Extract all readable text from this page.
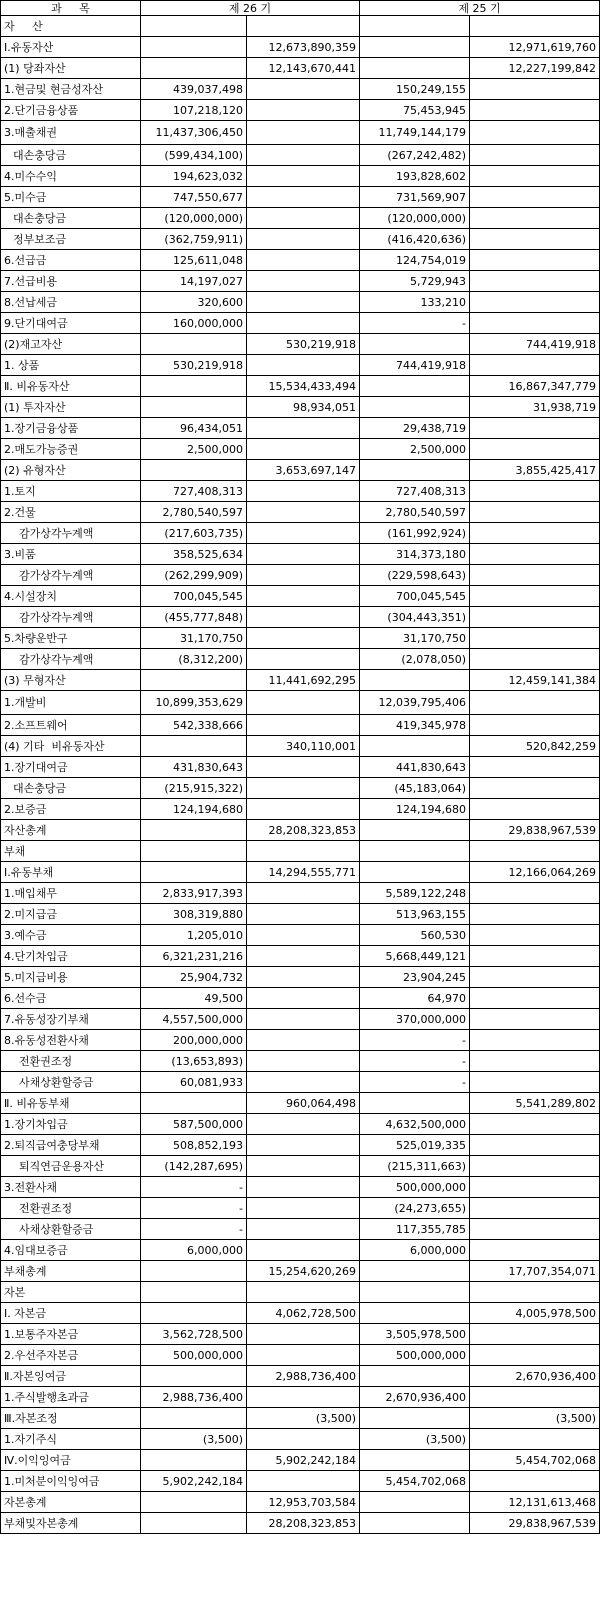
과     목	제 26 기		제 25 기	
자     산				
Ⅰ.유동자산		12,673,890,359		12,971,619,760
(1) 당좌자산		12,143,670,441		12,227,199,842
1.현금및 현금성자산	439,037,498		150,249,155	
2.단기금융상품	107,218,120		75,453,945	
3.매출채권	11,437,306,450		11,749,144,179	
대손충당금	(599,434,100)		(267,242,482)	
4.미수수익	194,623,032		193,828,602	
5.미수금	747,550,677		731,569,907	
대손충당금	(120,000,000)		(120,000,000)	
정부보조금	(362,759,911)		(416,420,636)	
6.선급금	125,611,048		124,754,019	
7.선급비용	14,197,027		5,729,943	
8.선납세금	320,600		133,210	
9.단기대여금	160,000,000		-	
(2)재고자산		530,219,918		744,419,918
1. 상품	530,219,918		744,419,918	
Ⅱ. 비유동자산		15,534,433,494		16,867,347,779
(1) 투자자산		98,934,051		31,938,719
1.장기금융상품	96,434,051		29,438,719	
2.매도가능증권	2,500,000		2,500,000	
(2) 유형자산		3,653,697,147		3,855,425,417
1.토지	727,408,313		727,408,313	
2.건물	2,780,540,597		2,780,540,597	
감가상각누계액	(217,603,735)		(161,992,924)	
3.비품	358,525,634		314,373,180	
감가상각누계액	(262,299,909)		(229,598,643)	
4.시설장치	700,045,545		700,045,545	
감가상각누계액	(455,777,848)		(304,443,351)	
5.차량운반구	31,170,750		31,170,750	
감가상각누계액	(8,312,200)		(2,078,050)	
(3) 무형자산		11,441,692,295		12,459,141,384
1.개발비	10,899,353,629		12,039,795,406	
2.소프트웨어	542,338,666		419,345,978	
(4) 기타  비유동자산		340,110,001		520,842,259
1.장기대여금	431,830,643		441,830,643	
대손충당금	(215,915,322)		(45,183,064)	
2.보증금	124,194,680		124,194,680	
자산총계		28,208,323,853		29,838,967,539
부채				
Ⅰ.유동부채		14,294,555,771		12,166,064,269
1.매입채무	2,833,917,393		5,589,122,248	
2.미지급금	308,319,880		513,963,155	
3.예수금	1,205,010		560,530	
4.단기차입금	6,321,231,216		5,668,449,121	
5.미지급비용	25,904,732		23,904,245	
6.선수금	49,500		64,970	
7.유동성장기부채	4,557,500,000		370,000,000	
8.유동성전환사채	200,000,000		-	
전환권조정	(13,653,893)		-	
사채상환할증금	60,081,933		-	
Ⅱ. 비유동부채		960,064,498		5,541,289,802
1.장기차입금	587,500,000		4,632,500,000	
2.퇴직급여충당부채	508,852,193		525,019,335	
퇴직연금운용자산	(142,287,695)		(215,311,663)	
3.전환사채	-		500,000,000	
전환권조정	-		(24,273,655)	
사채상환할증금	-		117,355,785	
4.임대보증금	6,000,000		6,000,000	
부채총계		15,254,620,269		17,707,354,071
자본				
Ⅰ. 자본금		4,062,728,500		4,005,978,500
1.보통주자본금	3,562,728,500		3,505,978,500	
2.우선주자본금	500,000,000		500,000,000	
Ⅱ.자본잉여금		2,988,736,400		2,670,936,400
1.주식발행초과금	2,988,736,400		2,670,936,400	
Ⅲ.자본조정		(3,500)		(3,500)
1.자기주식	(3,500)		(3,500)	
Ⅳ.이익잉여금		5,902,242,184		5,454,702,068
1.미처분이익잉여금	5,902,242,184		5,454,702,068	
자본총계		12,953,703,584		12,131,613,468
부채및자본총계		28,208,323,853		29,838,967,539
